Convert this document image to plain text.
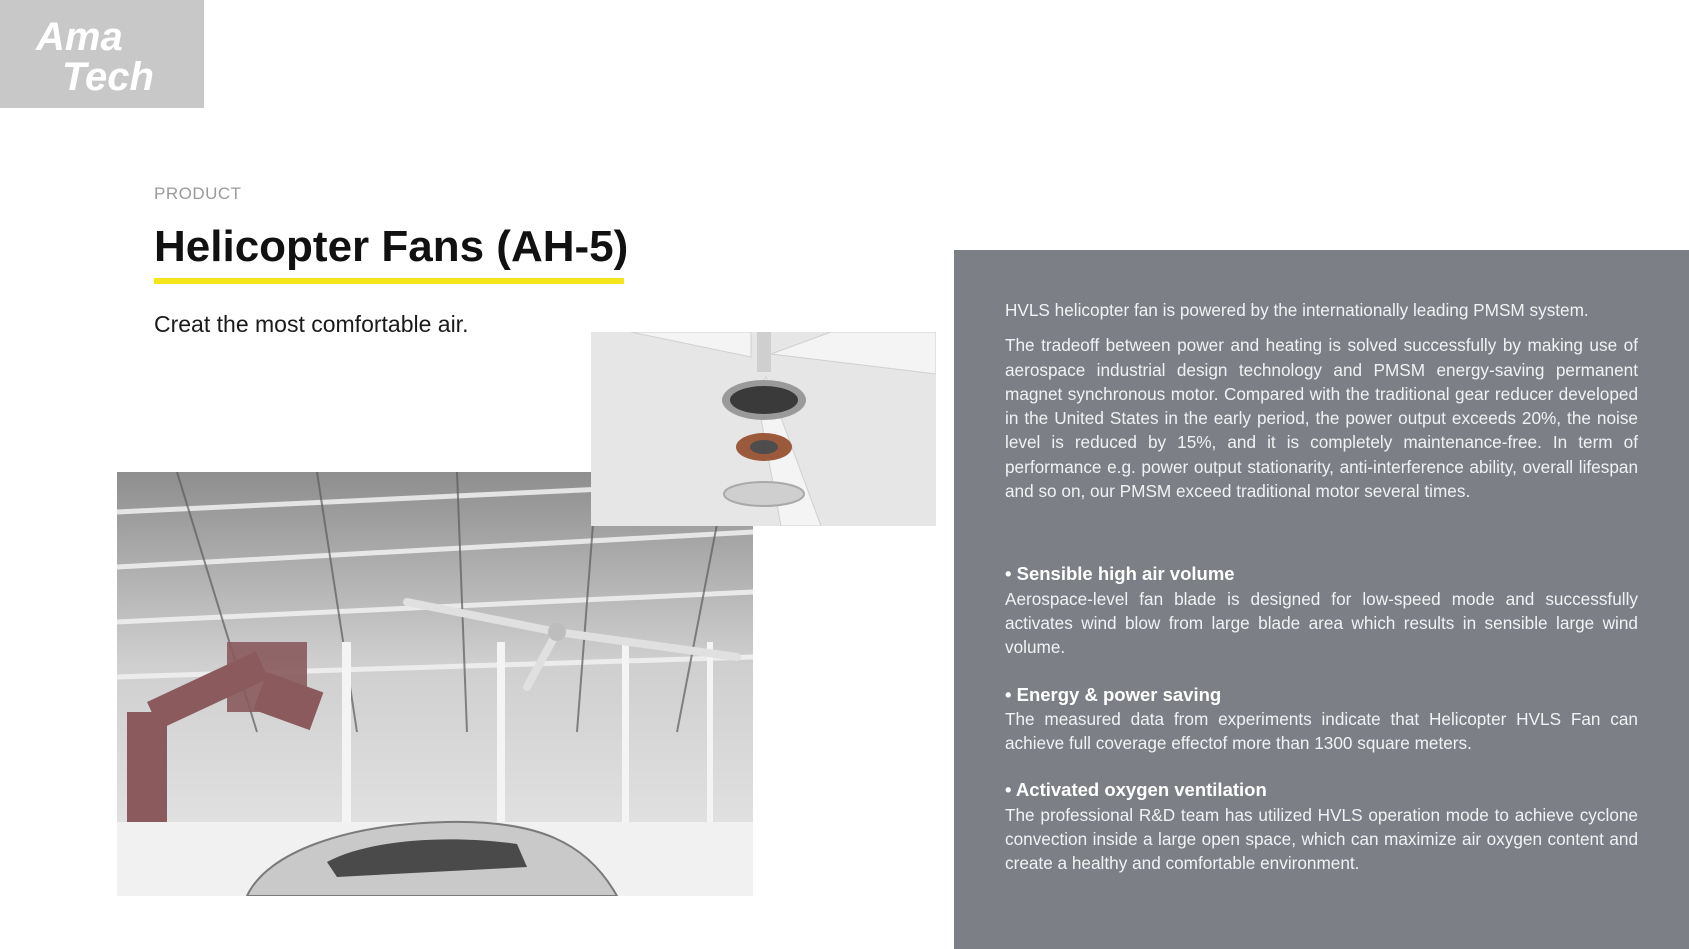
Ama
Tech
PRODUCT
Helicopter Fans (AH-5)
Creat the most comfortable air.

HVLS helicopter fan is powered by the internationally leading PMSM system.

The tradeoff between power and heating is solved successfully by making use of aerospace industrial design technology and PMSM energy-saving permanent magnet synchronous motor. Compared with the traditional gear reducer developed in the United States in the early period, the power output exceeds 20%, the noise level is reduced by 15%, and it is completely maintenance-free. In term of performance e.g. power output stationarity, anti-interference ability, overall lifespan and so on, our PMSM exceed traditional motor several times.

• Sensible high air volume
Aerospace-level fan blade is designed for low-speed mode and successfully activates wind blow from large blade area which results in sensible large wind volume.
• Energy & power saving
The measured data from experiments indicate that Helicopter HVLS Fan can achieve full coverage effectof more than 1300 square meters.
• Activated oxygen ventilation
The professional R&D team has utilized HVLS operation mode to achieve cyclone convection inside a large open space, which can maximize air oxygen content and create a healthy and comfortable environment.
